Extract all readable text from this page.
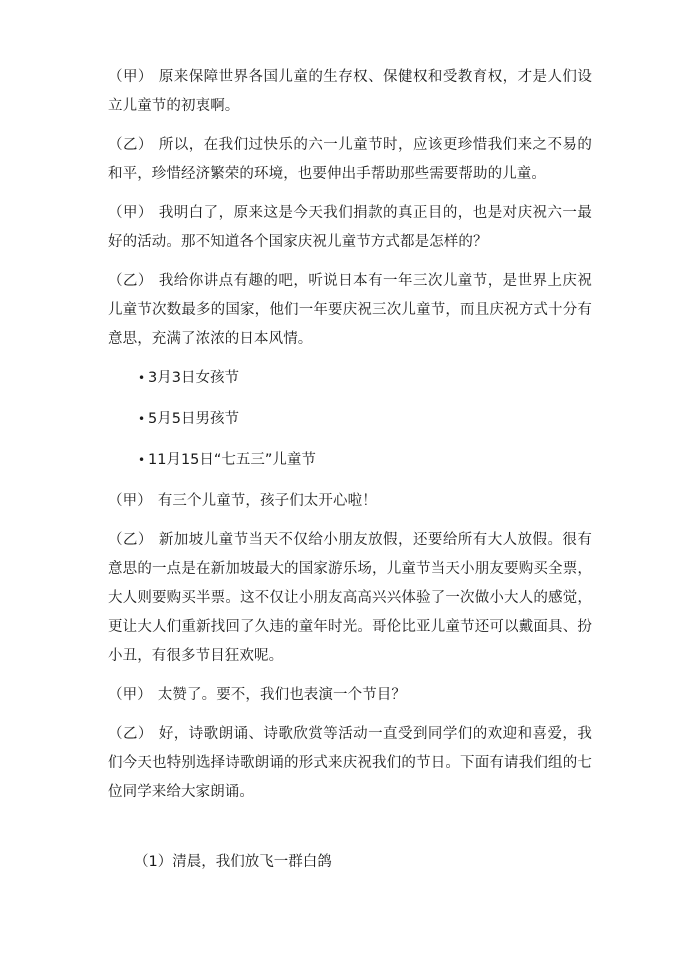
（甲） 原来保障世界各国儿童的生存权、保健权和受教育权，才是人们设立儿童节的初衷啊。

（乙） 所以，在我们过快乐的六一儿童节时，应该更珍惜我们来之不易的和平，珍惜经济繁荣的环境，也要伸出手帮助那些需要帮助的儿童。

（甲） 我明白了，原来这是今天我们捐款的真正目的，也是对庆祝六一最好的活动。那不知道各个国家庆祝儿童节方式都是怎样的？

（乙） 我给你讲点有趣的吧，听说日本有一年三次儿童节，是世界上庆祝儿童节次数最多的国家，他们一年要庆祝三次儿童节，而且庆祝方式十分有意思，充满了浓浓的日本风情。

• 3月3日女孩节
• 5月5日男孩节
• 11月15日“七五三”儿童节

（甲） 有三个儿童节，孩子们太开心啦！

（乙） 新加坡儿童节当天不仅给小朋友放假，还要给所有大人放假。很有意思的一点是在新加坡最大的国家游乐场，儿童节当天小朋友要购买全票，大人则要购买半票。这不仅让小朋友高高兴兴体验了一次做小大人的感觉，更让大人们重新找回了久违的童年时光。哥伦比亚儿童节还可以戴面具、扮小丑，有很多节目狂欢呢。

（甲） 太赞了。要不，我们也表演一个节目？

（乙） 好，诗歌朗诵、诗歌欣赏等活动一直受到同学们的欢迎和喜爱，我们今天也特别选择诗歌朗诵的形式来庆祝我们的节日。下面有请我们组的七位同学来给大家朗诵。

（1）清晨，我们放飞一群白鸽
